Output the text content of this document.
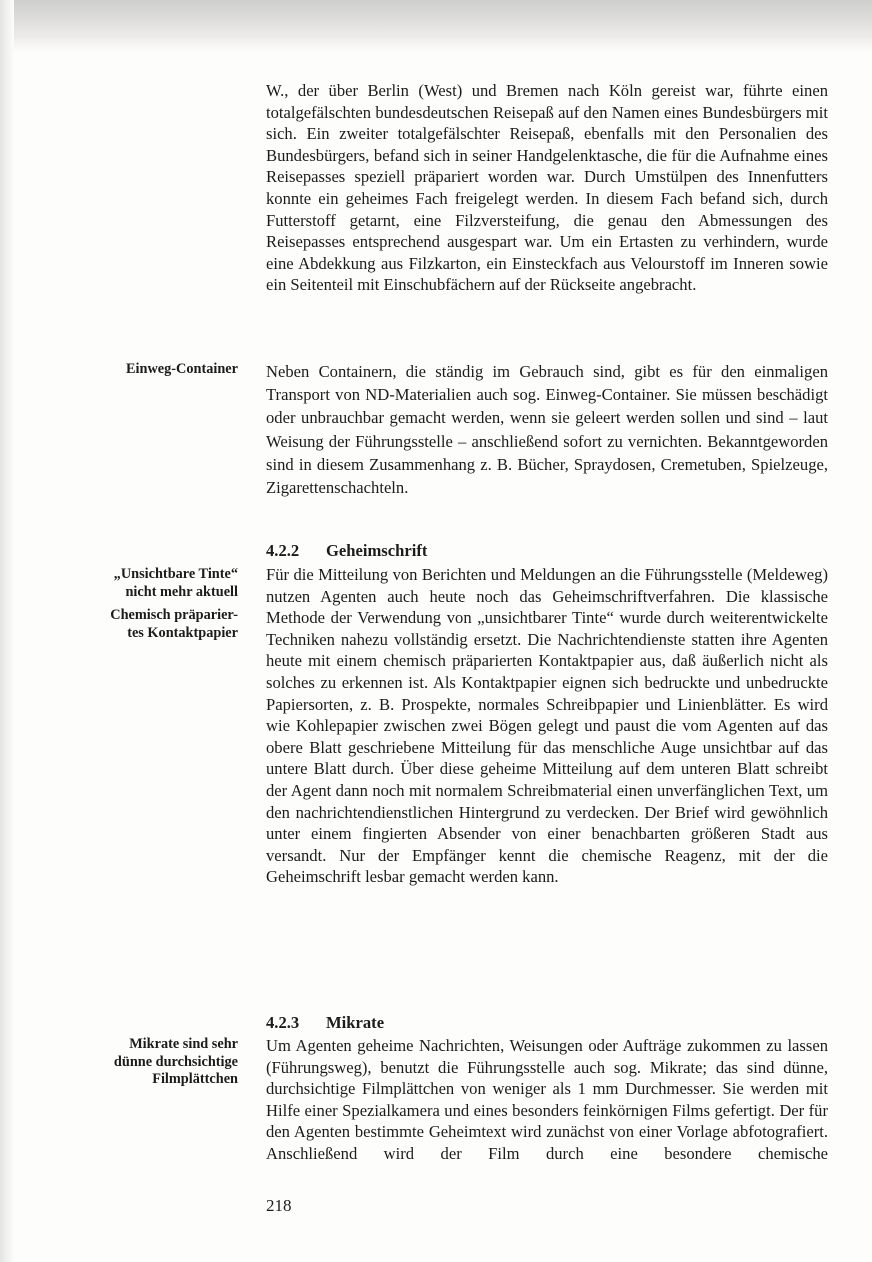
W., der über Berlin (West) und Bremen nach Köln gereist war, führte einen totalgefälschten bundesdeutschen Reisepaß auf den Namen eines Bundesbürgers mit sich. Ein zweiter totalgefälschter Reisepaß, ebenfalls mit den Personalien des Bundesbürgers, befand sich in seiner Handgelenktasche, die für die Aufnahme eines Reisepasses speziell präpariert worden war. Durch Umstülpen des Innenfutters konnte ein geheimes Fach freigelegt werden. In diesem Fach befand sich, durch Futterstoff getarnt, eine Filzversteifung, die genau den Abmessungen des Reisepasses entsprechend ausgespart war. Um ein Ertasten zu verhindern, wurde eine Abdekkung aus Filzkarton, ein Einsteckfach aus Velourstoff im Inneren sowie ein Seitenteil mit Einschubfächern auf der Rückseite angebracht.

Einweg-Container Neben Containern, die ständig im Gebrauch sind, gibt es für den einmaligen Transport von ND-Materialien auch sog. Einweg-Container. Sie müssen beschädigt oder unbrauchbar gemacht werden, wenn sie geleert werden sollen und sind – laut Weisung der Führungsstelle – anschließend sofort zu vernichten. Bekanntgeworden sind in diesem Zusammenhang z. B. Bücher, Spraydosen, Cremetuben, Spielzeuge, Zigarettenschachteln.

4.2.2 Geheimschrift

„Unsichtbare Tinte“
nicht mehr aktuell

Chemisch präparier-
tes Kontaktpapier

Für die Mitteilung von Berichten und Meldungen an die Führungsstelle (Meldeweg) nutzen Agenten auch heute noch das Geheimschriftverfahren. Die klassische Methode der Verwendung von „unsichtbarer Tinte“ wurde durch weiterentwickelte Techniken nahezu vollständig ersetzt. Die Nachrichtendienste statten ihre Agenten heute mit einem chemisch präparierten Kontaktpapier aus, daß äußerlich nicht als solches zu erkennen ist. Als Kontaktpapier eignen sich bedruckte und unbedruckte Papiersorten, z. B. Prospekte, normales Schreibpapier und Linienblätter. Es wird wie Kohlepapier zwischen zwei Bögen gelegt und paust die vom Agenten auf das obere Blatt geschriebene Mitteilung für das menschliche Auge unsichtbar auf das untere Blatt durch. Über diese geheime Mitteilung auf dem unteren Blatt schreibt der Agent dann noch mit normalem Schreibmaterial einen unverfänglichen Text, um den nachrichtendienstlichen Hintergrund zu verdecken. Der Brief wird gewöhnlich unter einem fingierten Absender von einer benachbarten größeren Stadt aus versandt. Nur der Empfänger kennt die chemische Reagenz, mit der die Geheimschrift lesbar gemacht werden kann.

4.2.3 Mikrate

Mikrate sind sehr
dünne durchsichtige
Filmplättchen

Um Agenten geheime Nachrichten, Weisungen oder Aufträge zukommen zu lassen (Führungsweg), benutzt die Führungsstelle auch sog. Mikrate; das sind dünne, durchsichtige Filmplättchen von weniger als 1 mm Durchmesser. Sie werden mit Hilfe einer Spezialkamera und eines besonders feinkörnigen Films gefertigt. Der für den Agenten bestimmte Geheimtext wird zunächst von einer Vorlage abfotografiert. Anschließend wird der Film durch eine besondere chemische

218
